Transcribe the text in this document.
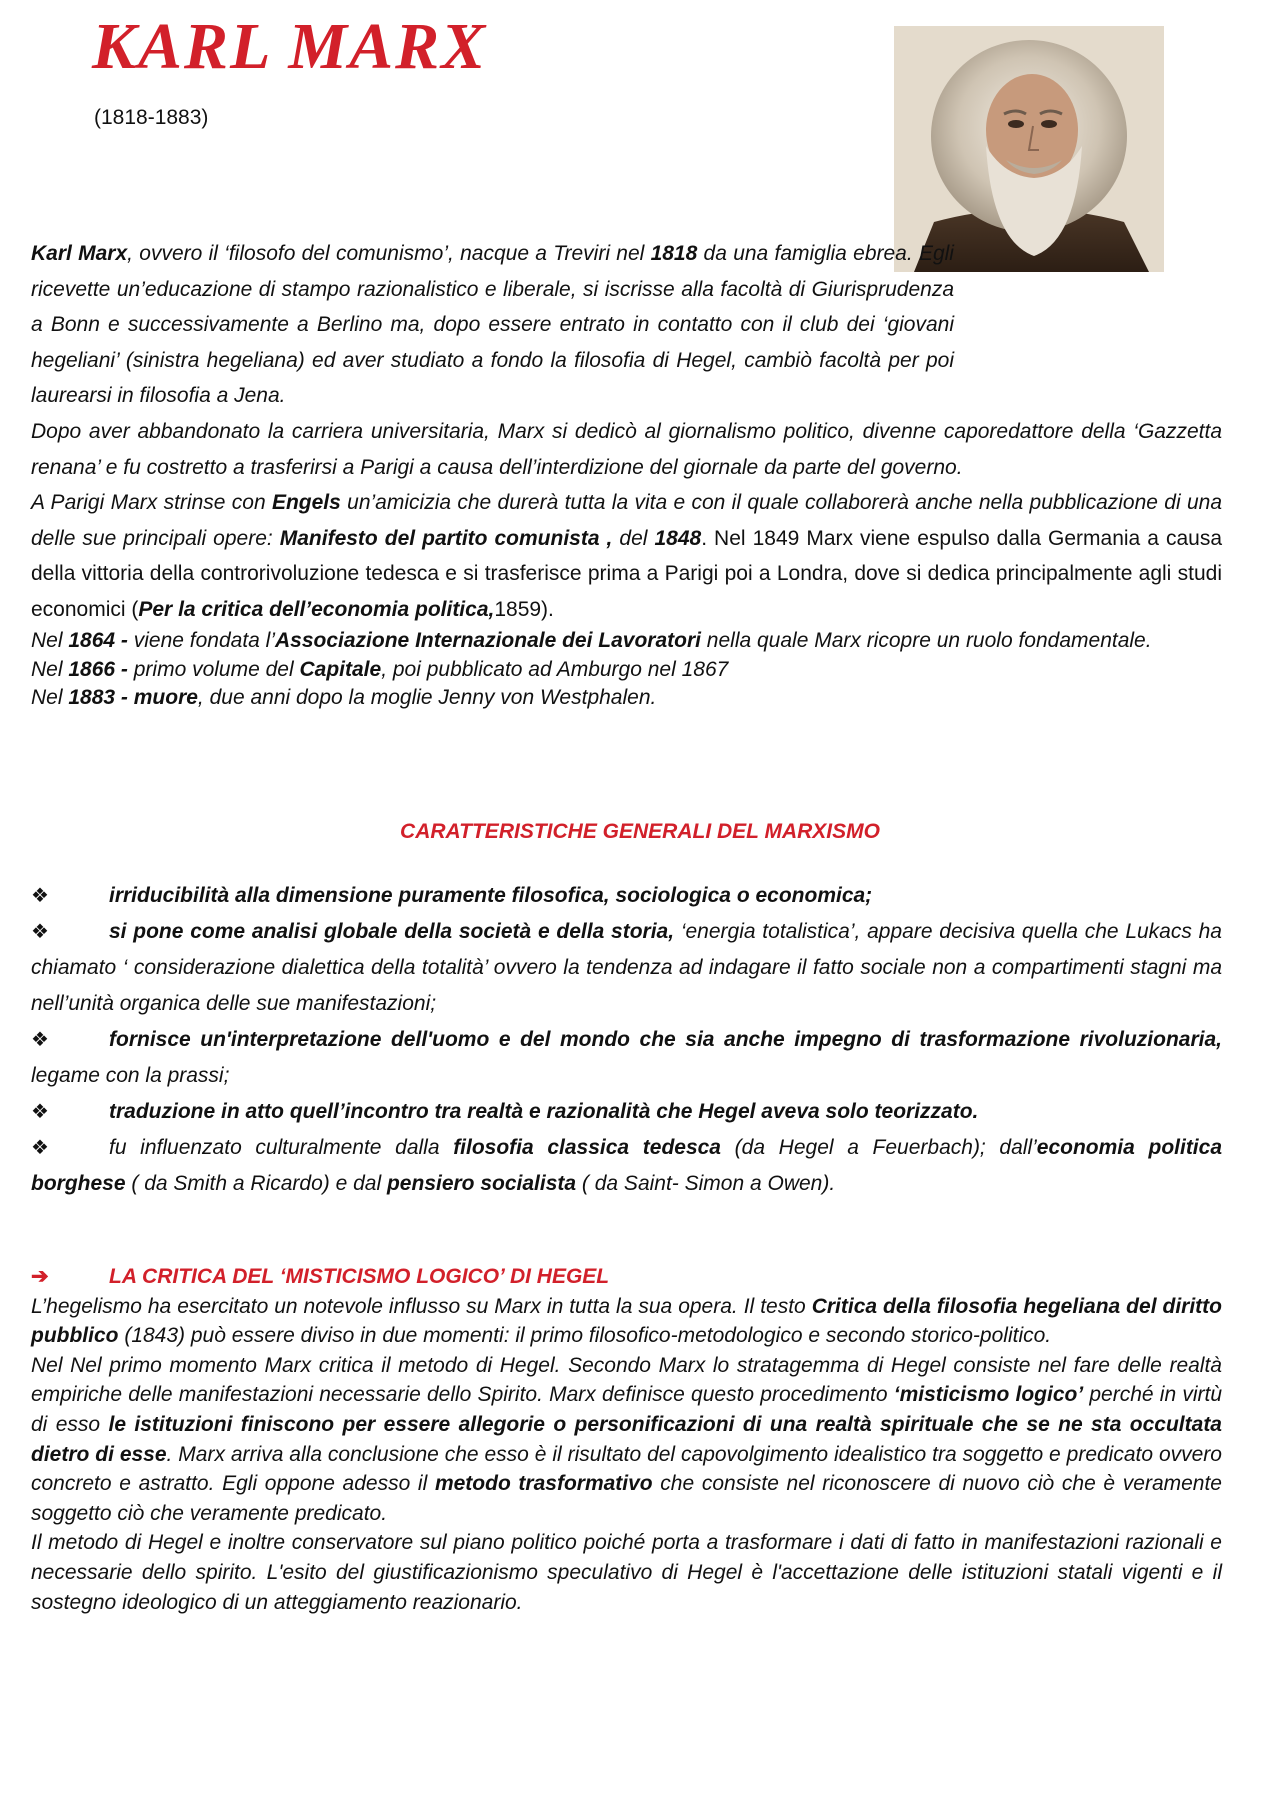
KARL MARX
(1818-1883)

Karl Marx, ovvero il ‘filosofo del comunismo’, nacque a Treviri nel 1818 da una famiglia ebrea. Egli ricevette un’educazione di stampo razionalistico e liberale, si iscrisse alla facoltà di Giurisprudenza a Bonn e successivamente a Berlino ma, dopo essere entrato in contatto con il club dei ‘giovani hegeliani’ (sinistra hegeliana) ed aver studiato a fondo la filosofia di Hegel, cambiò facoltà per poi laurearsi in filosofia a Jena.

Dopo aver abbandonato la carriera universitaria, Marx si dedicò al giornalismo politico, divenne caporedattore della ‘Gazzetta renana’ e fu costretto a trasferirsi a Parigi a causa dell’interdizione del giornale da parte del governo.

A Parigi Marx strinse con Engels un’amicizia che durerà tutta la vita e con il quale collaborerà anche nella pubblicazione di una delle sue principali opere: Manifesto del partito comunista , del 1848. Nel 1849 Marx viene espulso dalla Germania a causa della vittoria della controrivoluzione tedesca e si trasferisce prima a Parigi poi a Londra, dove si dedica principalmente agli studi economici (Per la critica dell’economia politica,1859).

Nel 1864 - viene fondata l’Associazione Internazionale dei Lavoratori nella quale Marx ricopre un ruolo fondamentale.

Nel 1866 - primo volume del Capitale, poi pubblicato ad Amburgo nel 1867

Nel 1883 - muore, due anni dopo la moglie Jenny von Westphalen.

CARATTERISTICHE GENERALI DEL MARXISMO

❖	irriducibilità alla dimensione puramente filosofica, sociologica o economica;

❖	si pone come analisi globale della società e della storia, ‘energia totalistica’, appare decisiva quella che Lukacs ha chiamato ‘ considerazione dialettica della totalità’ ovvero la tendenza ad indagare il fatto sociale non a compartimenti stagni ma nell’unità organica delle sue manifestazioni;

❖	fornisce un'interpretazione dell'uomo e del mondo che sia anche impegno di trasformazione rivoluzionaria, legame con la prassi;

❖	traduzione in atto quell’incontro tra realtà e razionalità che Hegel aveva solo teorizzato.

❖	fu influenzato culturalmente dalla filosofia classica tedesca (da Hegel a Feuerbach); dall’economia politica borghese ( da Smith a Ricardo) e dal pensiero socialista ( da Saint- Simon a Owen).

➔	LA CRITICA DEL ‘MISTICISMO LOGICO’ DI HEGEL

L’hegelismo ha esercitato un notevole influsso su Marx in tutta la sua opera. Il testo Critica della filosofia hegeliana del diritto pubblico (1843) può essere diviso in due momenti: il primo filosofico-metodologico e secondo storico-politico.

Nel Nel primo momento Marx critica il metodo di Hegel. Secondo Marx lo stratagemma di Hegel consiste nel fare delle realtà empiriche delle manifestazioni necessarie dello Spirito. Marx definisce questo procedimento ‘misticismo logico’ perché in virtù di esso le istituzioni finiscono per essere allegorie o personificazioni di una realtà spirituale che se ne sta occultata dietro di esse. Marx arriva alla conclusione che esso è il risultato del capovolgimento idealistico tra soggetto e predicato ovvero concreto e astratto. Egli oppone adesso il metodo trasformativo che consiste nel riconoscere di nuovo ciò che è veramente soggetto ciò che veramente predicato.

Il metodo di Hegel e inoltre conservatore sul piano politico poiché porta a trasformare i dati di fatto in manifestazioni razionali e necessarie dello spirito. L'esito del giustificazionismo speculativo di Hegel è l'accettazione delle istituzioni statali vigenti e il sostegno ideologico di un atteggiamento reazionario.
